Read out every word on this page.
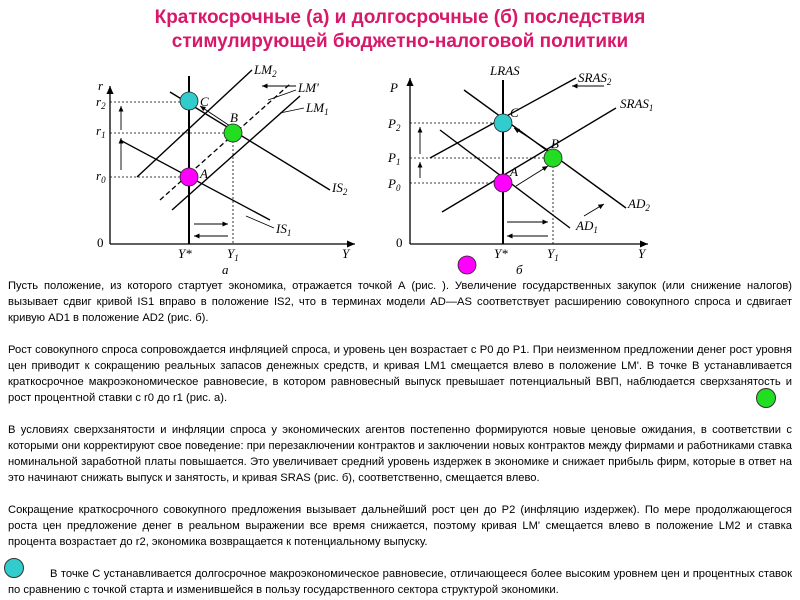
Краткосрочные (а) и долгосрочные (б) последствия
стимулирующей бюджетно-налоговой политики
r
Y
0
$LM_2$
LM'
$LM_1$
$IS_2$
$IS_1$
$r_2$
$r_1$
$r_0$
Y*	$Y_1$
а
C
B
A
P
Y
0
LRAS	$SRAS_2$
$SRAS_1$
$AD_2$
$AD_1$
$P_2$
$P_1$
$P_0$
Y*	$Y_1$
б
C
B
A

Пусть положение, из которого стартует экономика, отражается точкой А (рис. ). Увеличение государственных закупок (или снижение налогов) вызывает сдвиг кривой IS1 вправо в положение IS2, что в терминах модели AD—AS соответствует расширению совокупного спроса и сдвигает кривую AD1 в положение AD2 (рис. б).

Рост совокупного спроса сопровождается инфляцией спроса, и уровень цен возрастает с P0 до P1. При неизменном предложении денег рост уровня цен приводит к сокращению реальных запасов денежных средств, и кривая LM1 смещается влево в положение LM'. В точке В устанавливается краткосрочное макроэкономическое равновесие, в котором равновесный выпуск превышает потенциальный ВВП, наблюдается сверхзанятость и рост процентной ставки с r0 до r1 (рис. а).

В условиях сверхзанятости и инфляции спроса у экономических агентов постепенно формируются новые ценовые ожидания, в соответствии с которыми они корректируют свое поведение: при перезаключении контрактов и заключении новых контрактов между фирмами и работниками ставка номинальной заработной платы повышается. Это увеличивает средний уровень издержек в экономике и снижает прибыль фирм, которые в ответ на это начинают снижать выпуск и занятость, и кривая SRAS (рис. б), соответственно, смещается влево.

Сокращение краткосрочного совокупного предложения вызывает дальнейший рост цен до P2 (инфляцию издержек). По мере продолжающегося роста цен предложение денег в реальном выражении все время снижается, поэтому кривая LM' смещается влево в положение LM2 и ставка процента возрастает до r2, экономика возвращается к потенциальному выпуску.

В точке С устанавливается долгосрочное макроэкономическое равновесие, отличающееся более высоким уровнем цен и процентных ставок по сравнению с точкой старта и изменившейся в пользу государственного сектора структурой экономики.
